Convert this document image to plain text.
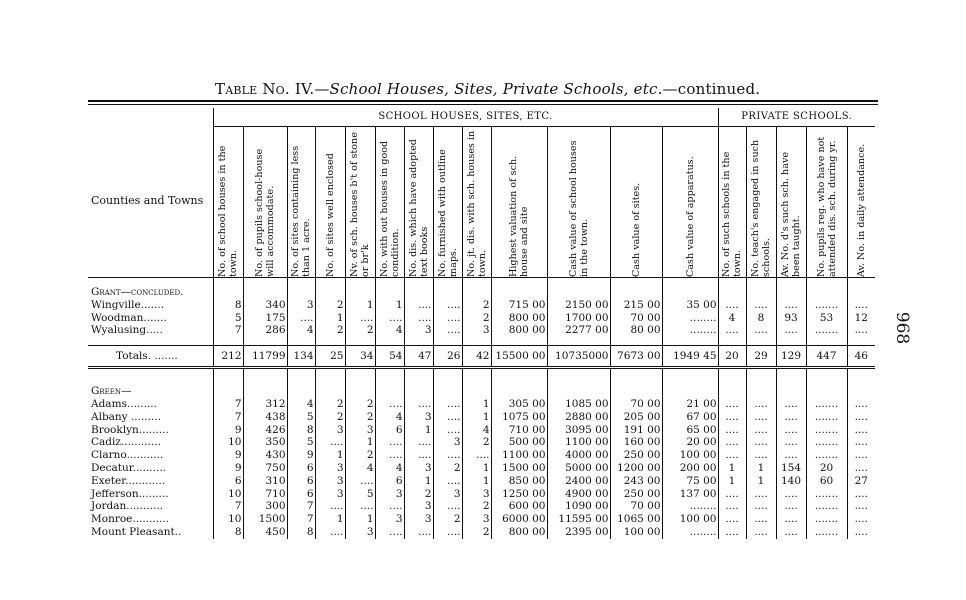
Table No. IV.—School Houses, Sites, Private Schools, etc.—continued.
968
	SCHOOL HOUSES, SITES, ETC.													PRIVATE SCHOOLS.				
Counties and Towns	No. of school houses in the town.	No. of pupils school-house will accommodate.	No. of sites containing less than 1 acre.	No. of sites well enclosed	Nv. of sch. houses b't of stone or br'k	No. with out houses in good condition.	No. dis. which have adopted text books	No. furnished with outline maps.	No. jt. dis. with sch. houses in town.	Highest valuation of sch. house and site	Cash value of school houses in the town.	Cash value of sites.	Cash value of apparatus.	No. of such schools in the town.	No. teach's engaged in such schools.	Av. No. d's such sch. have been taught.	No. pupils reg. who have not attended dis. sch. during yr.	Av. No. in daily attendance.

Grant—concluded.																		
Wingville.......	8	340	3	2	1	1	....	....	2	715 00	2150 00	215 00	35 00	....	....	....	.......	....
Woodman.......	5	175	....	1	....	....	....	....	2	800 00	1700 00	70 00	........	4	8	93	53	12
Wyalusing.....	7	286	4	2	2	4	3	....	3	800 00	2277 00	80 00	........	....	....	....	.......	....

Totals. .......	212	11799	134	25	34	54	47	26	42	15500 00	10735000	7673 00	1949 45	20	29	129	447	46

Green—																		
Adams.........	7	312	4	2	2	....	....	....	1	305 00	1085 00	70 00	21 00	....	....	....	.......	....
Albany .........	7	438	5	2	2	4	3	....	1	1075 00	2880 00	205 00	67 00	....	....	....	.......	....
Brooklyn.........	9	426	8	3	3	6	1	....	4	710 00	3095 00	191 00	65 00	....	....	....	.......	....
Cadiz............	10	350	5	....	1	....	....	3	2	500 00	1100 00	160 00	20 00	....	....	....	.......	....
Clarno...........	9	430	9	1	2	....	....	....	....	1100 00	4000 00	250 00	100 00	....	....	....	.......	....
Decatur..........	9	750	6	3	4	4	3	2	1	1500 00	5000 00	1200 00	200 00	1	1	154	20	....
Exeter............	6	310	6	3	....	6	1	....	1	850 00	2400 00	243 00	75 00	1	1	140	60	27
Jefferson.........	10	710	6	3	5	3	2	3	3	1250 00	4900 00	250 00	137 00	....	....	....	.......	....
Jordan...........	7	300	7	....	....	....	3	....	2	600 00	1090 00	70 00	........	....	....	....	.......	....
Monroe...........	10	1500	7	1	1	3	3	2	3	6000 00	11595 00	1065 00	100 00	....	....	....	.......	....
Mount Pleasant..	8	450	8	....	3	....	....	....	2	800 00	2395 00	100 00	........	....	....	....	.......	....
